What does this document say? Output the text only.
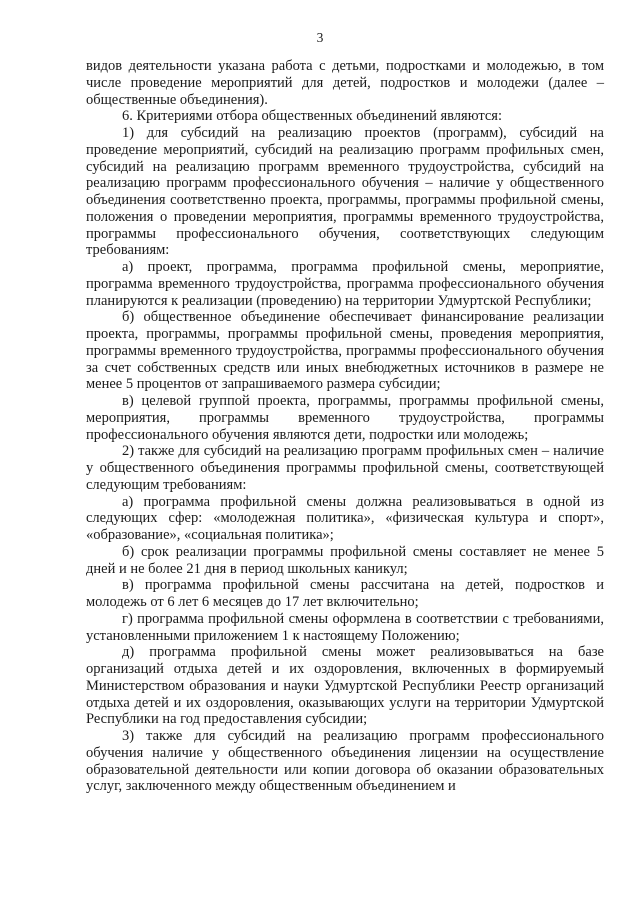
3

видов деятельности указана работа с детьми, подростками и молодежью, в том числе проведение мероприятий для детей, подростков и молодежи (далее – общественные объединения).

6. Критериями отбора общественных объединений являются:

1) для субсидий на реализацию проектов (программ), субсидий на проведение мероприятий, субсидий на реализацию программ профильных смен, субсидий на реализацию программ временного трудоустройства, субсидий на реализацию программ профессионального обучения – наличие у общественного объединения соответственно проекта, программы, программы профильной смены, положения о проведении мероприятия, программы временного трудоустройства, программы профессионального обучения, соответствующих следующим требованиям:

а) проект, программа, программа профильной смены, мероприятие, программа временного трудоустройства, программа профессионального обучения планируются к реализации (проведению) на территории Удмуртской Республики;

б) общественное объединение обеспечивает финансирование реализации проекта, программы, программы профильной смены, проведения мероприятия, программы временного трудоустройства, программы профессионального обучения за счет собственных средств или иных внебюджетных источников в размере не менее 5 процентов от запрашиваемого размера субсидии;

в) целевой группой проекта, программы, программы профильной смены, мероприятия, программы временного трудоустройства, программы профессионального обучения являются дети, подростки или молодежь;

2) также для субсидий на реализацию программ профильных смен – наличие у общественного объединения программы профильной смены, соответствующей следующим требованиям:

а) программа профильной смены должна реализовываться в одной из следующих сфер: «молодежная политика», «физическая культура и спорт», «образование», «социальная политика»;

б) срок реализации программы профильной смены составляет не менее 5 дней и не более 21 дня в период школьных каникул;

в) программа профильной смены рассчитана на детей, подростков и молодежь от 6 лет 6 месяцев до 17 лет включительно;

г) программа профильной смены оформлена в соответствии с требованиями, установленными приложением 1 к настоящему Положению;

д) программа профильной смены может реализовываться на базе организаций отдыха детей и их оздоровления, включенных в формируемый Министерством образования и науки Удмуртской Республики Реестр организаций отдыха детей и их оздоровления, оказывающих услуги на территории Удмуртской Республики на год предоставления субсидии;

3) также для субсидий на реализацию программ профессионального обучения наличие у общественного объединения лицензии на осуществление образовательной деятельности или копии договора об оказании образовательных услуг, заключенного между общественным объединением и
